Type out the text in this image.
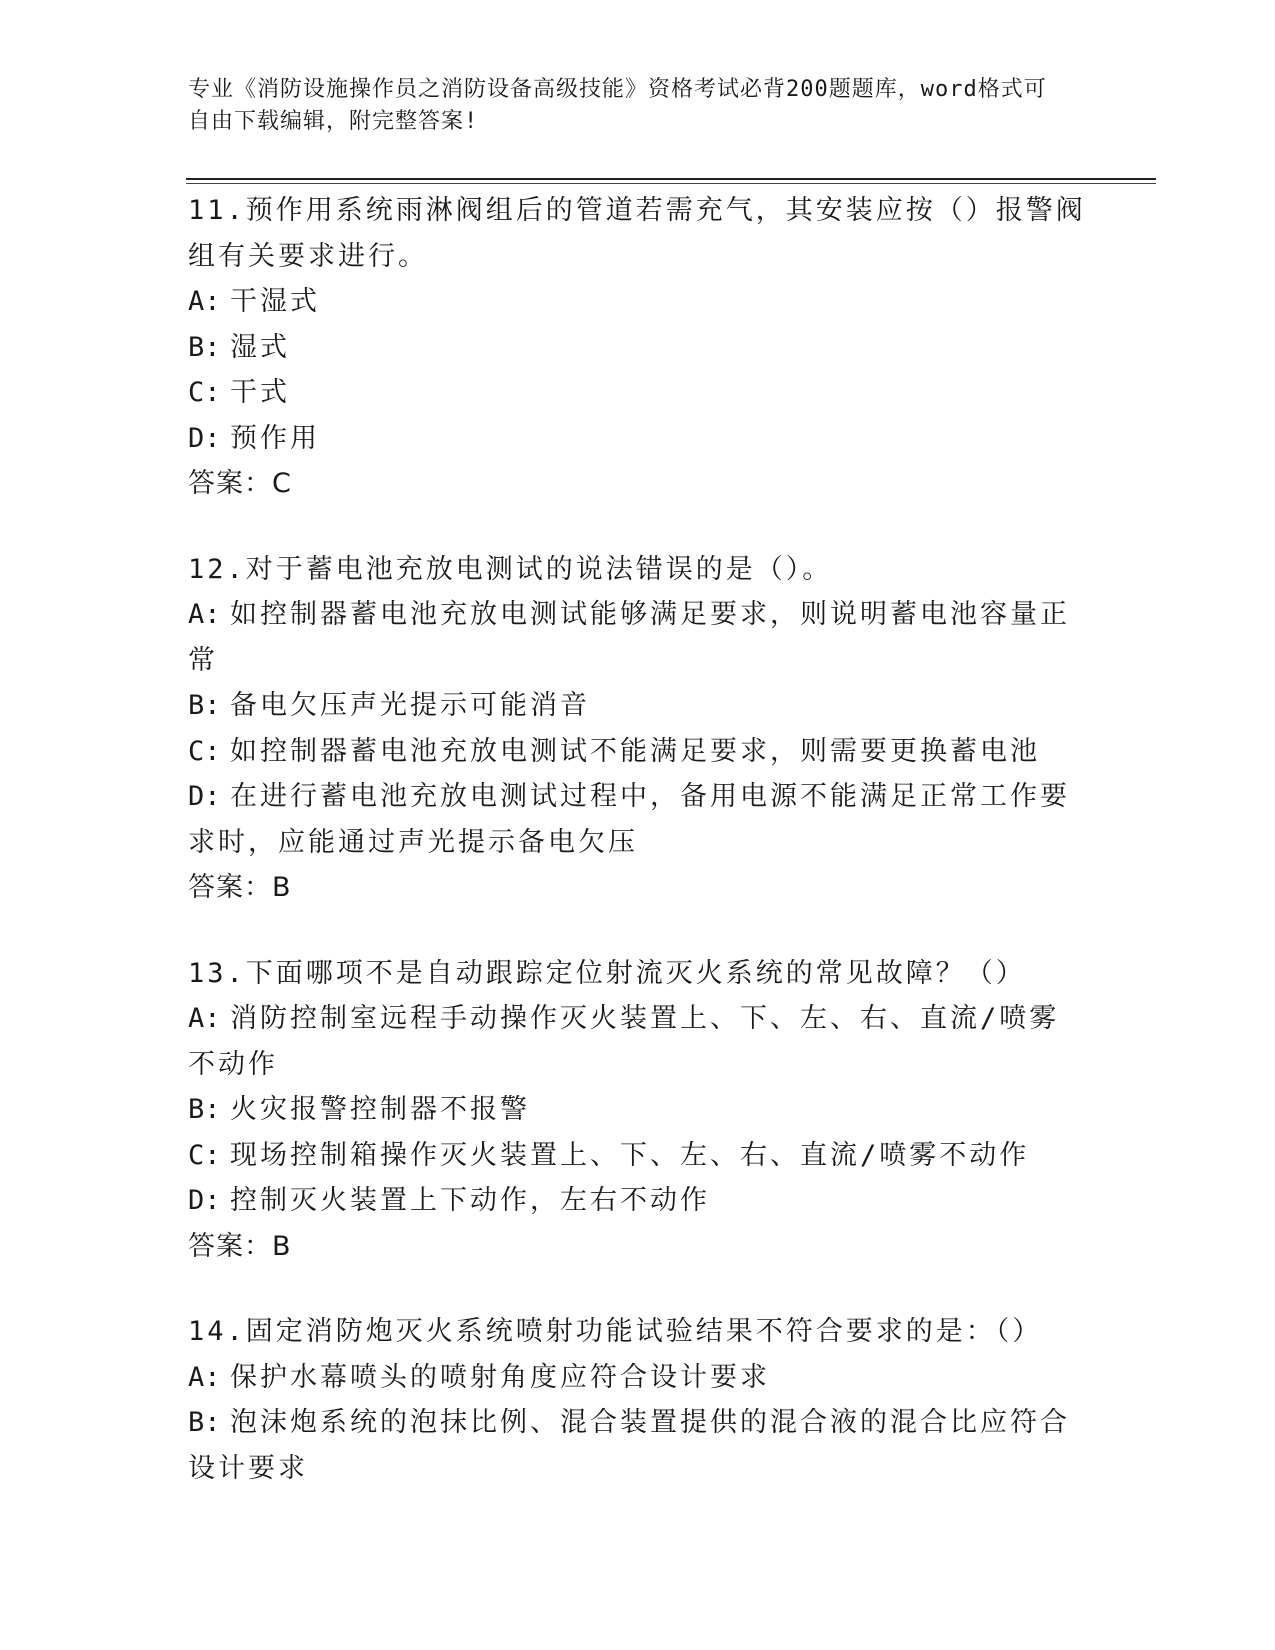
专业《消防设施操作员之消防设备高级技能》资格考试必背200题题库，word格式可自由下载编辑，附完整答案!

11.预作用系统雨淋阀组后的管道若需充气，其安装应按（）报警阀组有关要求进行。

A: 干湿式

B: 湿式

C: 干式

D: 预作用

答案：C

12.对于蓄电池充放电测试的说法错误的是（）。

A: 如控制器蓄电池充放电测试能够满足要求，则说明蓄电池容量正常

B: 备电欠压声光提示可能消音

C: 如控制器蓄电池充放电测试不能满足要求，则需要更换蓄电池

D: 在进行蓄电池充放电测试过程中，备用电源不能满足正常工作要求时，应能通过声光提示备电欠压

答案：B

13.下面哪项不是自动跟踪定位射流灭火系统的常见故障？（）

A: 消防控制室远程手动操作灭火装置上、下、左、右、直流/喷雾不动作

B: 火灾报警控制器不报警

C: 现场控制箱操作灭火装置上、下、左、右、直流/喷雾不动作

D: 控制灭火装置上下动作，左右不动作

答案：B

14.固定消防炮灭火系统喷射功能试验结果不符合要求的是：（）

A: 保护水幕喷头的喷射角度应符合设计要求

B: 泡沫炮系统的泡抹比例、混合装置提供的混合液的混合比应符合设计要求
